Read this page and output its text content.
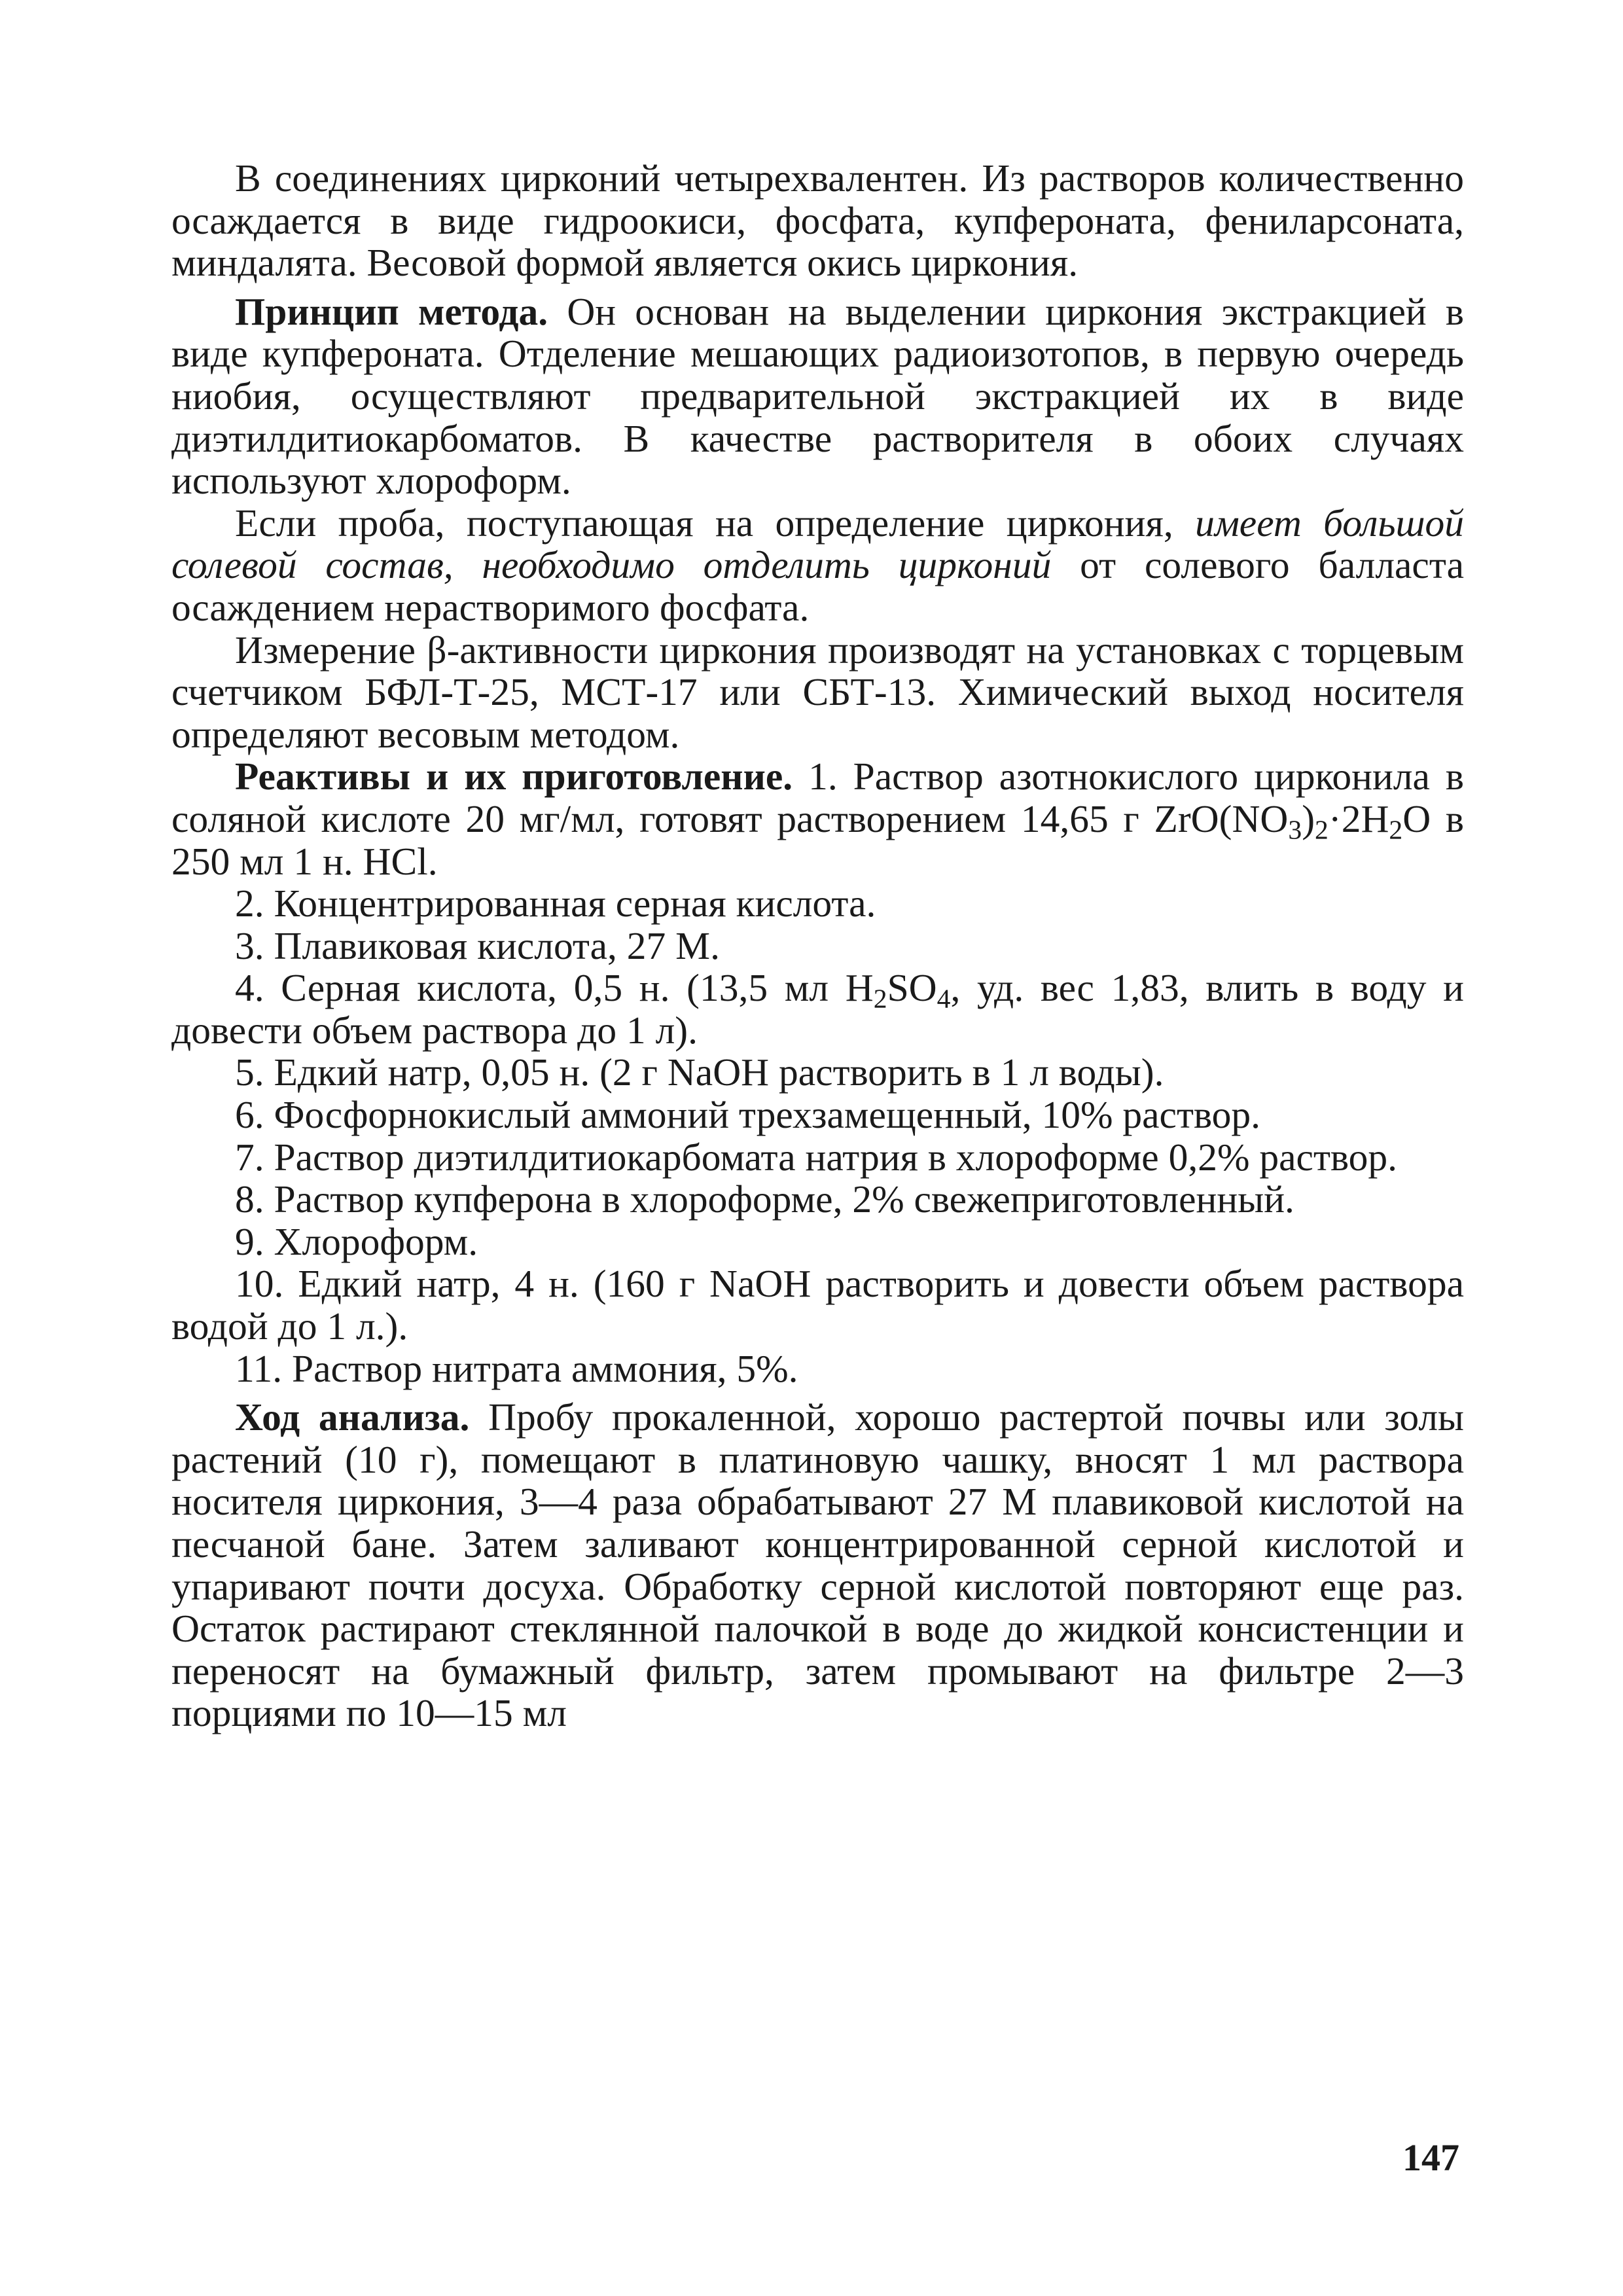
В соединениях цирконий четырехвалентен. Из растворов количественно осаждается в виде гидроокиси, фосфата, купфероната, фениларсоната, миндалята. Весовой формой является окись циркония.

Принцип метода. Он основан на выделении циркония экстракцией в виде купфероната. Отделение мешающих радиоизотопов, в первую очередь ниобия, осуществляют предварительной экстракцией их в виде диэтилдитиокарбоматов. В качестве растворителя в обоих случаях используют хлороформ.

Если проба, поступающая на определение циркония, имеет большой солевой состав, необходимо отделить цирконий от солевого балласта осаждением нерастворимого фосфата.

Измерение β-активности циркония производят на установках с торцевым счетчиком БФЛ-Т-25, МСТ-17 или СБТ-13. Химический выход носителя определяют весовым методом.

Реактивы и их приготовление. 1. Раствор азотнокислого цирконила в соляной кислоте 20 мг/мл, готовят растворением 14,65 г $ZrO(NO_3)_2\cdot 2H_2O$ в 250 мл 1 н. HCl.

2. Концентрированная серная кислота.

3. Плавиковая кислота, 27 М.

4. Серная кислота, 0,5 н. (13,5 мл $H_2SO_4$, уд. вес 1,83, влить в воду и довести объем раствора до 1 л).

5. Едкий натр, 0,05 н. (2 г NaOH растворить в 1 л воды).

6. Фосфорнокислый аммоний трехзамещенный, 10% раствор.

7. Раствор диэтилдитиокарбомата натрия в хлороформе 0,2% раствор.

8. Раствор купферона в хлороформе, 2% свежеприготовленный.

9. Хлороформ.

10. Едкий натр, 4 н. (160 г NaOH растворить и довести объем раствора водой до 1 л.).

11. Раствор нитрата аммония, 5%.

Ход анализа. Пробу прокаленной, хорошо растертой почвы или золы растений (10 г), помещают в платиновую чашку, вносят 1 мл раствора носителя циркония, 3—4 раза обрабатывают 27 М плавиковой кислотой на песчаной бане. Затем заливают концентрированной серной кислотой и упаривают почти досуха. Обработку серной кислотой повторяют еще раз. Остаток растирают стеклянной палочкой в воде до жидкой консистенции и переносят на бумажный фильтр, затем промывают на фильтре 2—3 порциями по 10—15 мл

147
